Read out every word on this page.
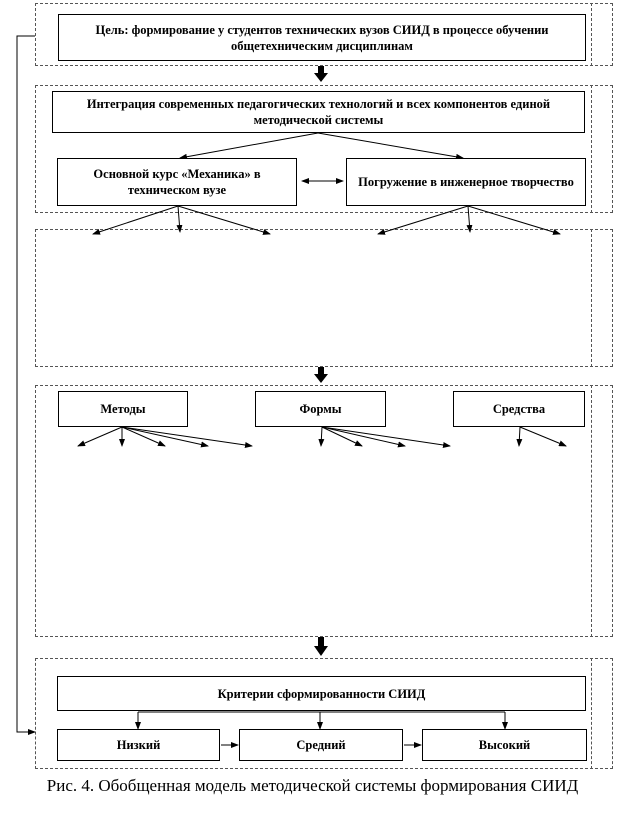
Цель: формирование у студентов технических вузов СИИД в процессе обучении общетехническим дисциплинам
Интеграция современных педагогических технологий и всех компонентов единой методической системы
Основной курс «Механика» в техническом вузе
Погружение в инженерное творчество
Методы	Формы	Средства
Критерии сформированности СИИД
Низкий	Средний	Высокий
Рис. 4. Обобщенная модель методической системы формирования СИИД
